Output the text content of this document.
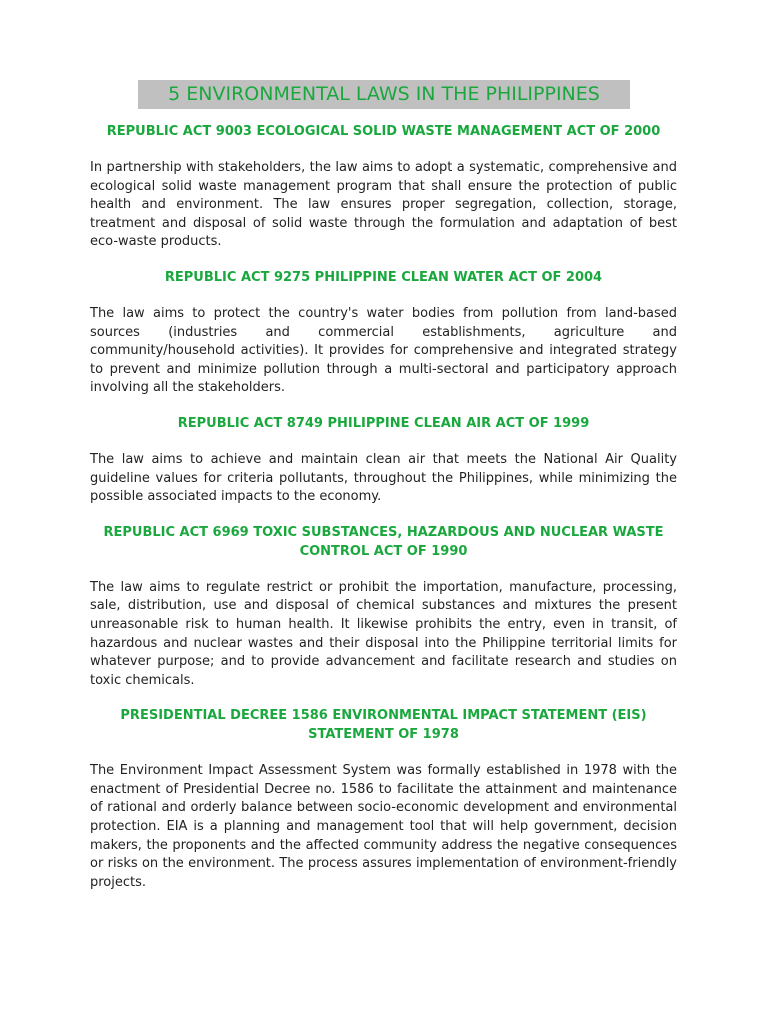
5 ENVIRONMENTAL LAWS IN THE PHILIPPINES
REPUBLIC ACT 9003 ECOLOGICAL SOLID WASTE MANAGEMENT ACT OF 2000

In partnership with stakeholders, the law aims to adopt a systematic, comprehensive and ecological solid waste management program that shall ensure the protection of public health and environment. The law ensures proper segregation, collection, storage, treatment and disposal of solid waste through the formulation and adaptation of best eco-waste products.

REPUBLIC ACT 9275 PHILIPPINE CLEAN WATER ACT OF 2004

The law aims to protect the country's water bodies from pollution from land-based sources (industries and commercial establishments, agriculture and community/household activities). It provides for comprehensive and integrated strategy to prevent and minimize pollution through a multi-sectoral and participatory approach involving all the stakeholders.

REPUBLIC ACT 8749 PHILIPPINE CLEAN AIR ACT OF 1999

The law aims to achieve and maintain clean air that meets the National Air Quality guideline values for criteria pollutants, throughout the Philippines, while minimizing the possible associated impacts to the economy.

REPUBLIC ACT 6969 TOXIC SUBSTANCES, HAZARDOUS AND NUCLEAR WASTE CONTROL ACT OF 1990

The law aims to regulate restrict or prohibit the importation, manufacture, processing, sale, distribution, use and disposal of chemical substances and mixtures the present unreasonable risk to human health. It likewise prohibits the entry, even in transit, of hazardous and nuclear wastes and their disposal into the Philippine territorial limits for whatever purpose; and to provide advancement and facilitate research and studies on toxic chemicals.

PRESIDENTIAL DECREE 1586 ENVIRONMENTAL IMPACT STATEMENT (EIS) STATEMENT OF 1978

The Environment Impact Assessment System was formally established in 1978 with the enactment of Presidential Decree no. 1586 to facilitate the attainment and maintenance of rational and orderly balance between socio-economic development and environmental protection. EIA is a planning and management tool that will help government, decision makers, the proponents and the affected community address the negative consequences or risks on the environment. The process assures implementation of environment-friendly projects.
